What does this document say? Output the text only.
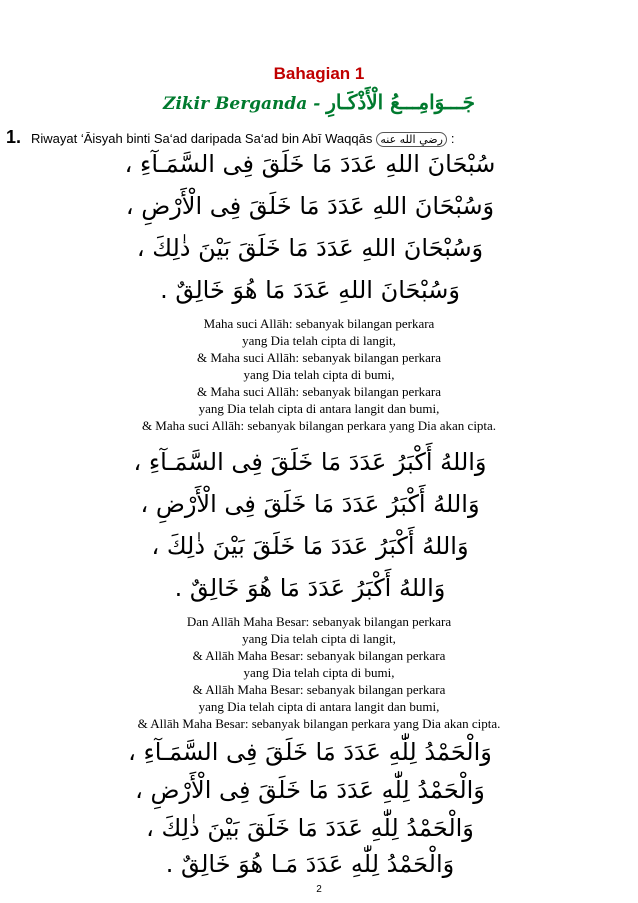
Bahagian 1
Zikir Berganda - جَـــوَامِـــعُ الْأَذْكَـارِ
1. Riwayat ‘Āisyah binti Sa‘ad daripada Sa‘ad bin Abī Waqqās رضي الله عنه :
سُبْحَانَ اللهِ عَدَدَ مَا خَلَقَ فِى السَّمَـآءِ ،
وَسُبْحَانَ اللهِ عَدَدَ مَا خَلَقَ فِى الْأَرْضِ ،
وَسُبْحَانَ اللهِ عَدَدَ مَا خَلَقَ بَيْنَ ذٰلِكَ ،
وَسُبْحَانَ اللهِ عَدَدَ مَا هُوَ خَالِقٌ .
Maha suci Allāh: sebanyak bilangan perkara
yang Dia telah cipta di langit,
& Maha suci Allāh: sebanyak bilangan perkara
yang Dia telah cipta di bumi,
& Maha suci Allāh: sebanyak bilangan perkara
yang Dia telah cipta di antara langit dan bumi,
& Maha suci Allāh: sebanyak bilangan perkara yang Dia akan cipta.
وَاللهُ أَكْبَرُ عَدَدَ مَا خَلَقَ فِى السَّمَـآءِ ،
وَاللهُ أَكْبَرُ عَدَدَ مَا خَلَقَ فِى الْأَرْضِ ،
وَاللهُ أَكْبَرُ عَدَدَ مَا خَلَقَ بَيْنَ ذٰلِكَ ،
وَاللهُ أَكْبَرُ عَدَدَ مَا هُوَ خَالِقٌ .
Dan Allāh Maha Besar: sebanyak bilangan perkara
yang Dia telah cipta di langit,
& Allāh Maha Besar: sebanyak bilangan perkara
yang Dia telah cipta di bumi,
& Allāh Maha Besar: sebanyak bilangan perkara
yang Dia telah cipta di antara langit dan bumi,
& Allāh Maha Besar: sebanyak bilangan perkara yang Dia akan cipta.
وَالْحَمْدُ لِلّٰهِ عَدَدَ مَا خَلَقَ فِى السَّمَـآءِ ،
وَالْحَمْدُ لِلّٰهِ عَدَدَ مَا خَلَقَ فِى الْأَرْضِ ،
وَالْحَمْدُ لِلّٰهِ عَدَدَ مَا خَلَقَ بَيْنَ ذٰلِكَ ،
وَالْحَمْدُ لِلّٰهِ عَدَدَ مَـا هُوَ خَالِقٌ .
2
